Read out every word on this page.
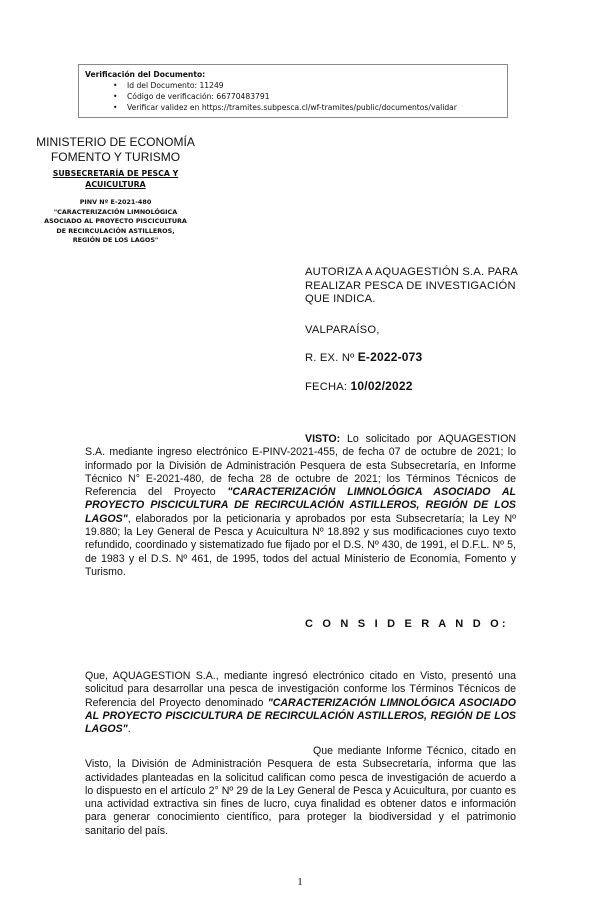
Verificación del Documento:
• Id del Documento: 11249
• Código de verificación: 66770483791
• Verificar validez en https://tramites.subpesca.cl/wf-tramites/public/documentos/validar
MINISTERIO DE ECONOMÍA
FOMENTO Y TURISMO
SUBSECRETARÍA DE PESCA Y
ACUICULTURA
PINV Nº E-2021-480
"CARACTERIZACIÓN LIMNOLÓGICA
ASOCIADO AL PROYECTO PISCICULTURA
DE RECIRCULACIÓN ASTILLEROS,
REGIÓN DE LOS LAGOS"
AUTORIZA A AQUAGESTIÓN S.A. PARA
REALIZAR PESCA DE INVESTIGACIÓN
QUE INDICA.
VALPARAÍSO,
R. EX. Nº E-2022-073
FECHA: 10/02/2022
VISTO: Lo solicitado por AQUAGESTION S.A. mediante ingreso electrónico E-PINV-2021-455, de fecha 07 de octubre de 2021; lo informado por la División de Administración Pesquera de esta Subsecretaría, en Informe Técnico N° E-2021-480, de fecha 28 de octubre de 2021; los Términos Técnicos de Referencia del Proyecto "CARACTERIZACIÓN LIMNOLÓGICA ASOCIADO AL PROYECTO PISCICULTURA DE RECIRCULACIÓN ASTILLEROS, REGIÓN DE LOS LAGOS", elaborados por la peticionaria y aprobados por esta Subsecretaría; la Ley Nº 19.880; la Ley General de Pesca y Acuicultura Nº 18.892 y sus modificaciones cuyo texto refundido, coordinado y sistematizado fue fijado por el D.S. Nº 430, de 1991, el D.F.L. Nº 5, de 1983 y el D.S. Nº 461, de 1995, todos del actual Ministerio de Economía, Fomento y Turismo.
C O N S I D E R A N D O:
Que, AQUAGESTION S.A., mediante ingresó electrónico citado en Visto, presentó una solicitud para desarrollar una pesca de investigación conforme los Términos Técnicos de Referencia del Proyecto denominado "CARACTERIZACIÓN LIMNOLÓGICA ASOCIADO AL PROYECTO PISCICULTURA DE RECIRCULACIÓN ASTILLEROS, REGIÓN DE LOS LAGOS".
Que mediante Informe Técnico, citado en Visto, la División de Administración Pesquera de esta Subsecretaría, informa que las actividades planteadas en la solicitud califican como pesca de investigación de acuerdo a lo dispuesto en el artículo 2° Nº 29 de la Ley General de Pesca y Acuicultura, por cuanto es una actividad extractiva sin fines de lucro, cuya finalidad es obtener datos e información para generar conocimiento científico, para proteger la biodiversidad y el patrimonio sanitario del país.
1
